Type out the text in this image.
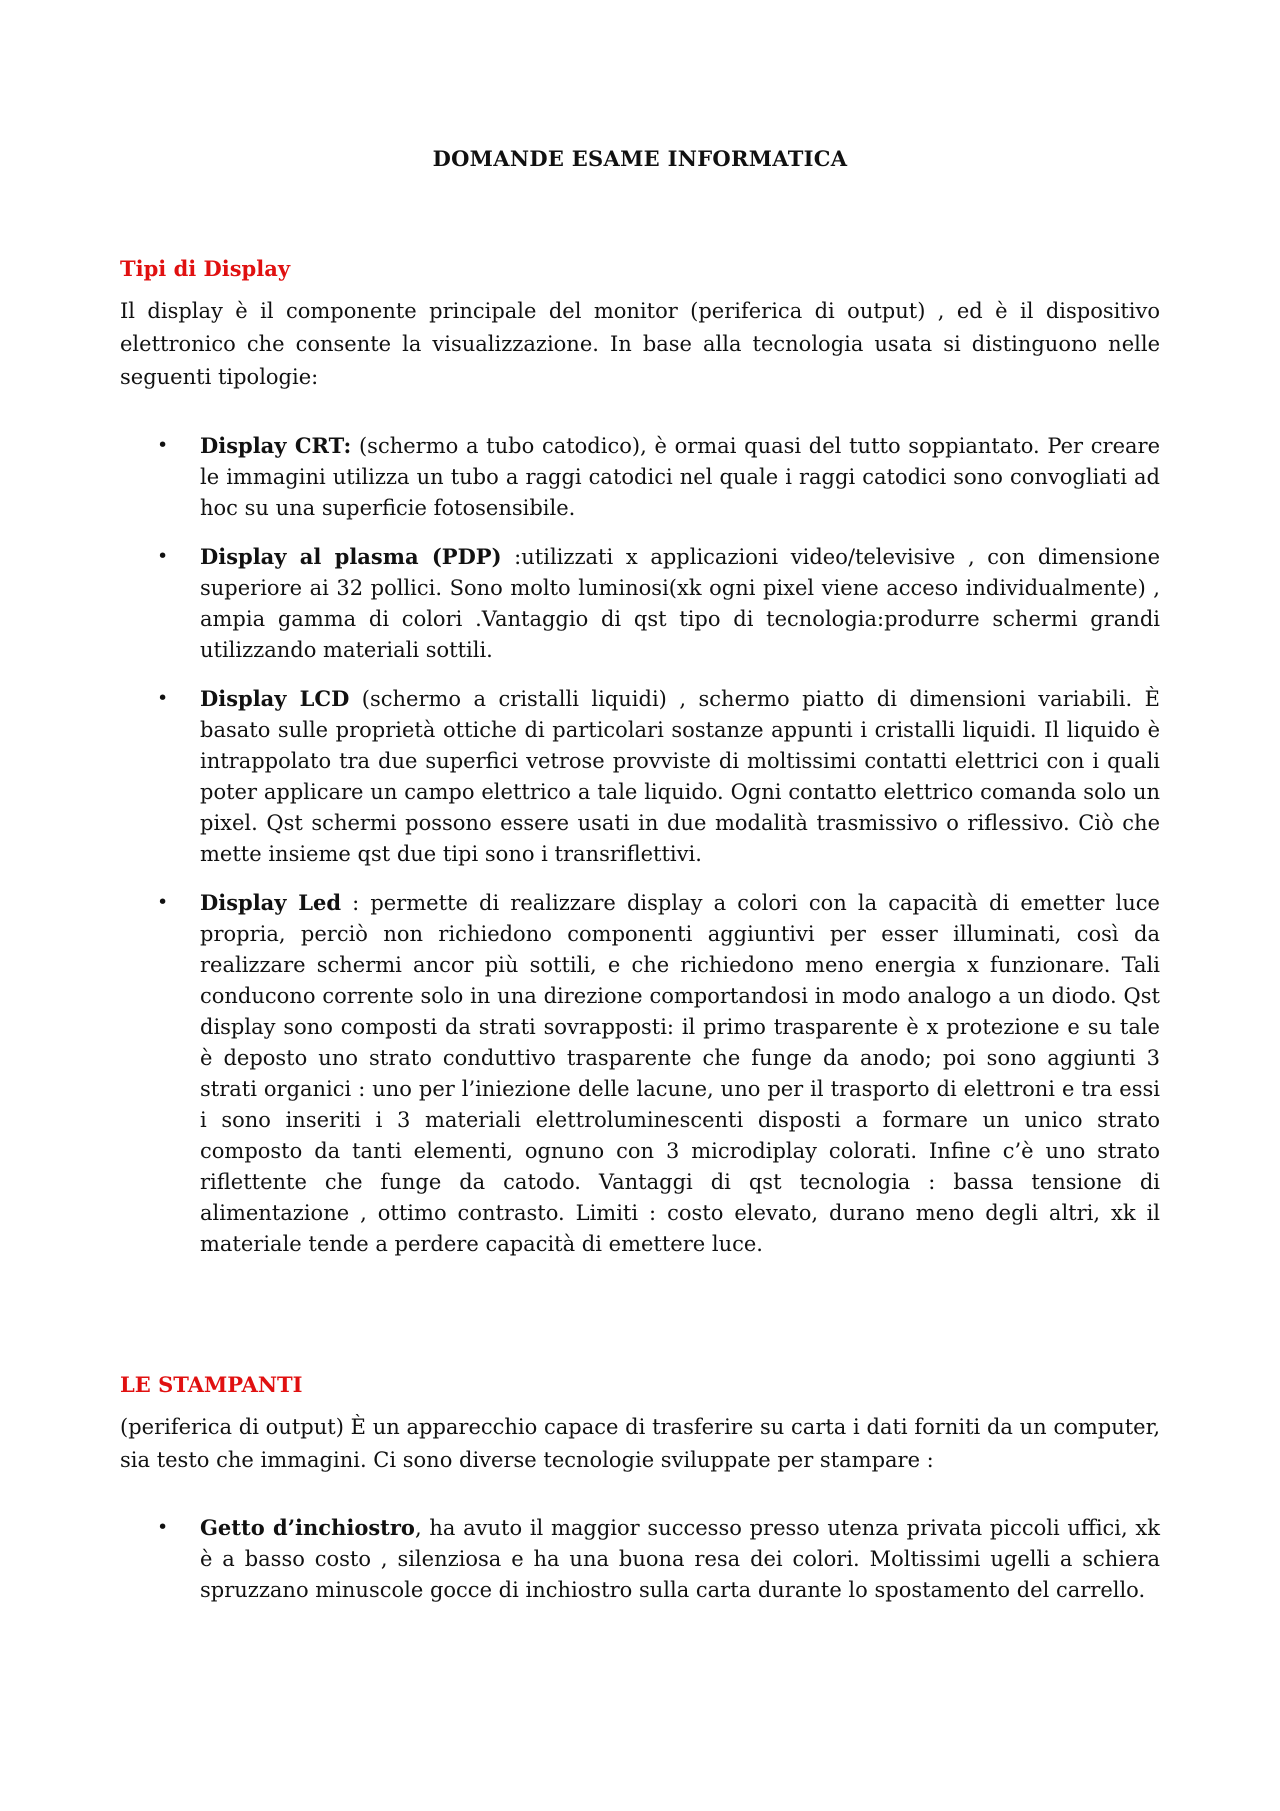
DOMANDE ESAME INFORMATICA
Tipi di Display

Il display è il componente principale del monitor (periferica di output) , ed è il dispositivo elettronico che consente la visualizzazione. In base alla tecnologia usata si distinguono nelle seguenti tipologie:

• Display CRT: (schermo a tubo catodico), è ormai quasi del tutto soppiantato. Per creare le immagini utilizza un tubo a raggi catodici nel quale i raggi catodici sono convogliati ad hoc su una superficie fotosensibile.
• Display al plasma (PDP) :utilizzati x applicazioni video/televisive , con dimensione superiore ai 32 pollici. Sono molto luminosi(xk ogni pixel viene acceso individualmente) , ampia gamma di colori .Vantaggio di qst tipo di tecnologia:produrre schermi grandi utilizzando materiali sottili.
• Display LCD (schermo a cristalli liquidi) , schermo piatto di dimensioni variabili. È basato sulle proprietà ottiche di particolari sostanze appunti i cristalli liquidi. Il liquido è intrappolato tra due superfici vetrose provviste di moltissimi contatti elettrici con i quali poter applicare un campo elettrico a tale liquido. Ogni contatto elettrico comanda solo un pixel. Qst schermi possono essere usati in due modalità trasmissivo o riflessivo. Ciò che mette insieme qst due tipi sono i transriflettivi.
• Display Led : permette di realizzare display a colori con la capacità di emetter luce propria, perciò non richiedono componenti aggiuntivi per esser illuminati, così da realizzare schermi ancor più sottili, e che richiedono meno energia x funzionare. Tali conducono corrente solo in una direzione comportandosi in modo analogo a un diodo. Qst display sono composti da strati sovrapposti: il primo trasparente è x protezione e su tale è deposto uno strato conduttivo trasparente che funge da anodo; poi sono aggiunti 3 strati organici : uno per l’iniezione delle lacune, uno per il trasporto di elettroni e tra essi i sono inseriti i 3 materiali elettroluminescenti disposti a formare un unico strato composto da tanti elementi, ognuno con 3 microdiplay colorati. Infine c’è uno strato riflettente che funge da catodo. Vantaggi di qst tecnologia : bassa tensione di alimentazione , ottimo contrasto. Limiti : costo elevato, durano meno degli altri, xk il materiale tende a perdere capacità di emettere luce.
LE STAMPANTI

(periferica di output) È un apparecchio capace di trasferire su carta i dati forniti da un computer, sia testo che immagini. Ci sono diverse tecnologie sviluppate per stampare :

• Getto d’inchiostro, ha avuto il maggior successo presso utenza privata piccoli uffici, xk è a basso costo , silenziosa e ha una buona resa dei colori. Moltissimi ugelli a schiera spruzzano minuscole gocce di inchiostro sulla carta durante lo spostamento del carrello.
